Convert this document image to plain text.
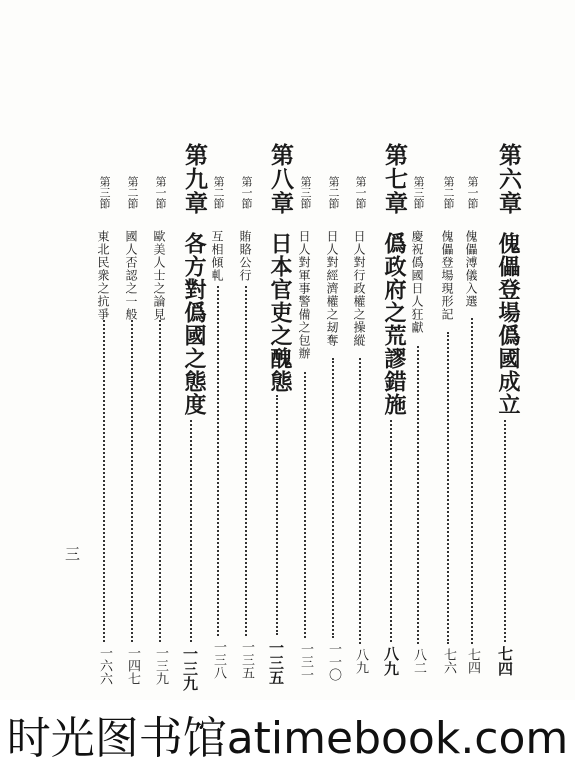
第六章
傀儡登場僞國成立
七四
第一節
傀儡溥儀入選
七四
第二節
傀儡登場現形記
七六
第三節
慶祝僞國日人狂獻
八二
第七章
僞政府之荒謬錯施
八九
第一節
日人對行政權之操縱
八九
第二節
日人對經濟權之刼奪
一一〇
第三節
日人對軍事警備之包辦
一三一
第八章
日本官吏之醜態
一三五
第一節
賄賂公行
一三五
第二節
互相傾軋
一三八
第九章
各方對僞國之態度
一三九
第一節
歐美人士之論見
一三九
第二節
國人否認之一般
一四七
第三節
東北民衆之抗爭
一六六
三
时光图书馆atimebook.com
